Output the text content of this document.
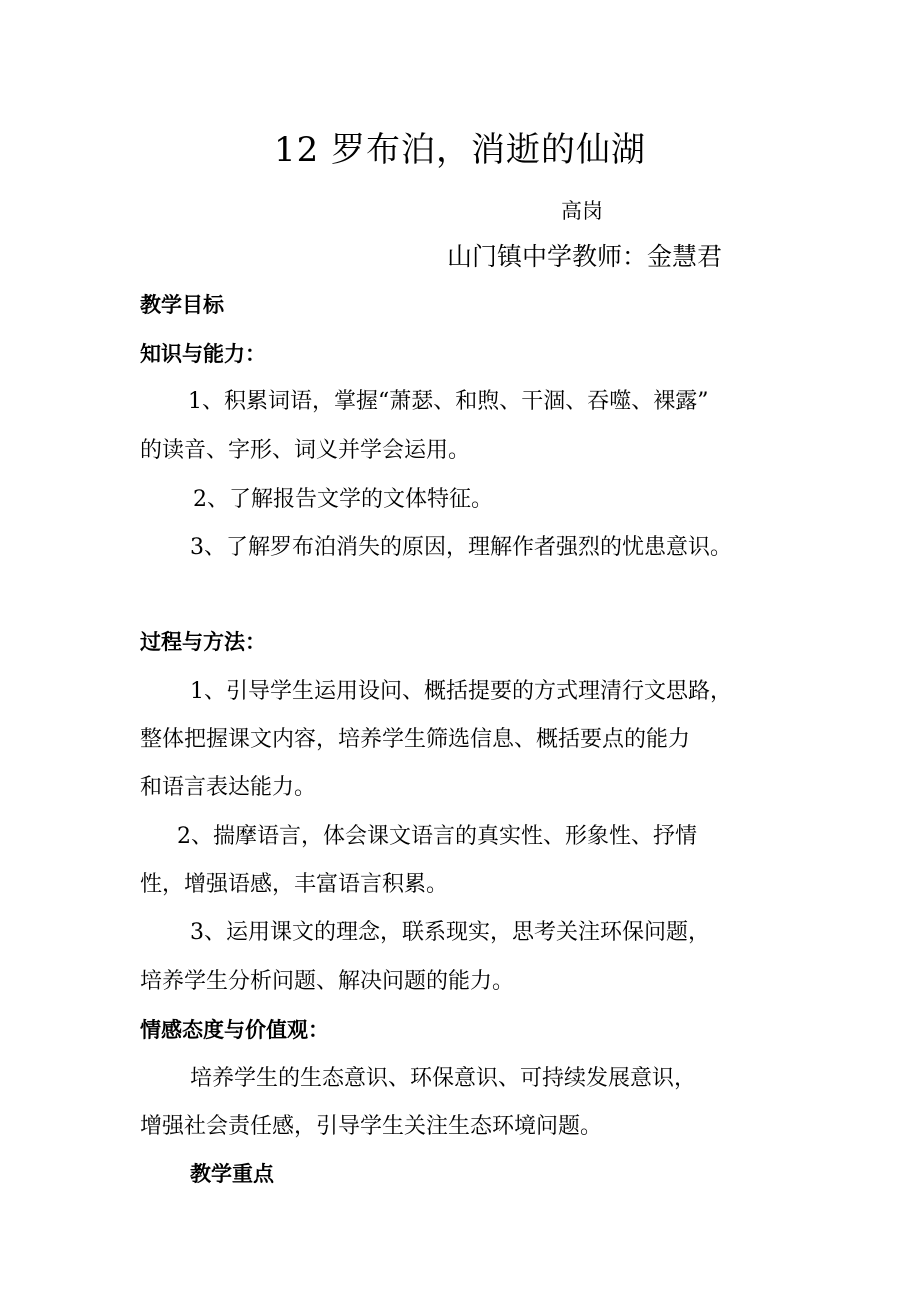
12 罗布泊，消逝的仙湖
高岗
山门镇中学教师：金慧君
教学目标
知识与能力：
1、积累词语，掌握“萧瑟、和煦、干涸、吞噬、裸露”
的读音、字形、词义并学会运用。
2、了解报告文学的文体特征。
3、了解罗布泊消失的原因，理解作者强烈的忧患意识。
过程与方法：
1、引导学生运用设问、概括提要的方式理清行文思路，
整体把握课文内容，培养学生筛选信息、概括要点的能力
和语言表达能力。
2、揣摩语言，体会课文语言的真实性、形象性、抒情
性，增强语感，丰富语言积累。
3、运用课文的理念，联系现实，思考关注环保问题，
培养学生分析问题、解决问题的能力。
情感态度与价值观：
培养学生的生态意识、环保意识、可持续发展意识，
增强社会责任感，引导学生关注生态环境问题。
教学重点
